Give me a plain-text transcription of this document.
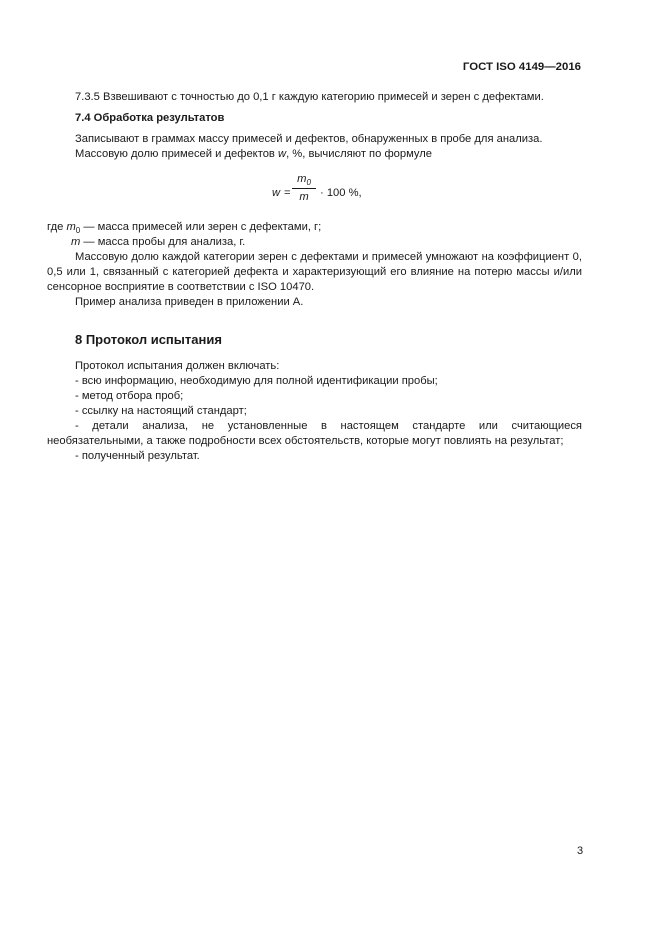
ГОСТ ISO 4149—2016

7.3.5 Взвешивают с точностью до 0,1 г каждую категорию примесей и зерен с дефектами.

7.4 Обработка результатов

Записывают в граммах массу примесей и дефектов, обнаруженных в пробе для анализа.

Массовую долю примесей и дефектов w, %, вычисляют по формуле

w =
$m_0$
m	· 100 %,

где $m_0$ — масса примесей или зерен с дефектами, г;

m — масса пробы для анализа, г.

Массовую долю каждой категории зерен с дефектами и примесей умножают на коэффициент 0, 0,5 или 1, связанный с категорией дефекта и характеризующий его влияние на потерю массы и/или сенсорное восприятие в соответствии с ISO 10470.

Пример анализа приведен в приложении А.

8 Протокол испытания

Протокол испытания должен включать:

- всю информацию, необходимую для полной идентификации пробы;

- метод отбора проб;

- ссылку на настоящий стандарт;

- детали анализа, не установленные в настоящем стандарте или считающиеся необязательными, а также подробности всех обстоятельств, которые могут повлиять на результат;

- полученный результат.

3
